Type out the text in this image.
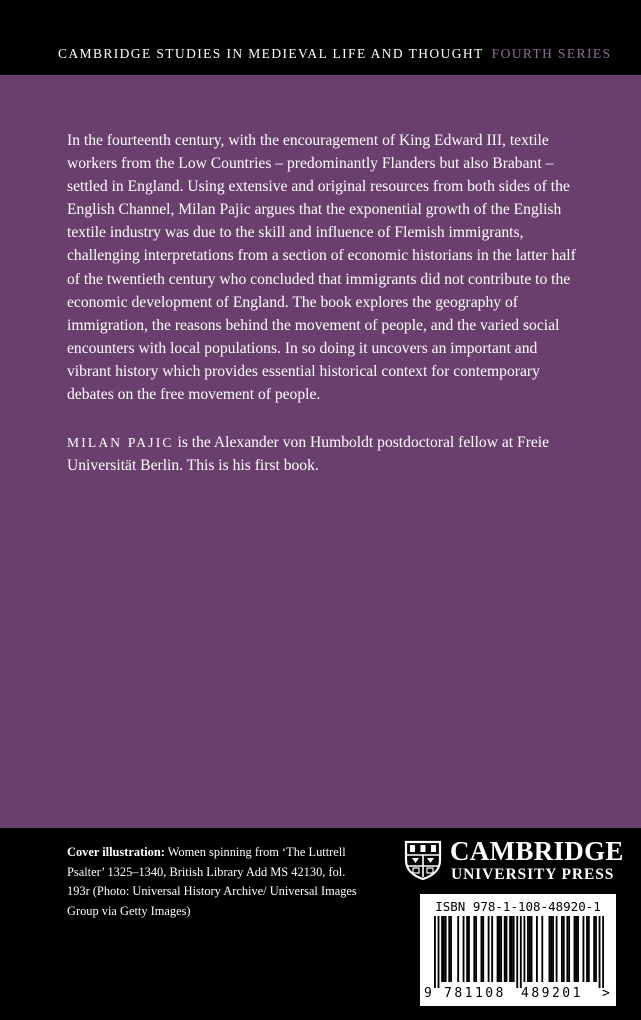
CAMBRIDGE STUDIES IN MEDIEVAL LIFE AND THOUGHT FOURTH SERIES

In the fourteenth century, with the encouragement of King Edward III, textile workers from the Low Countries – predominantly Flanders but also Brabant – settled in England. Using extensive and original resources from both sides of the English Channel, Milan Pajic argues that the exponential growth of the English textile industry was due to the skill and influence of Flemish immigrants, challenging interpretations from a section of economic historians in the latter half of the twentieth century who concluded that immigrants did not contribute to the economic development of England. The book explores the geography of immigration, the reasons behind the movement of people, and the varied social encounters with local populations. In so doing it uncovers an important and vibrant history which provides essential historical context for contemporary debates on the free movement of people.

MILAN PAJIC is the Alexander von Humboldt postdoctoral fellow at Freie Universität Berlin. This is his first book.

Cover illustration: Women spinning from ‘The Luttrell Psalter’ 1325–1340, British Library Add MS 42130, fol. 193r (Photo: Universal History Archive/ Universal Images Group via Getty Images)

CAMBRIDGE
UNIVERSITY PRESS
ISBN 978-1-108-48920-1
9 781108 489201 >
